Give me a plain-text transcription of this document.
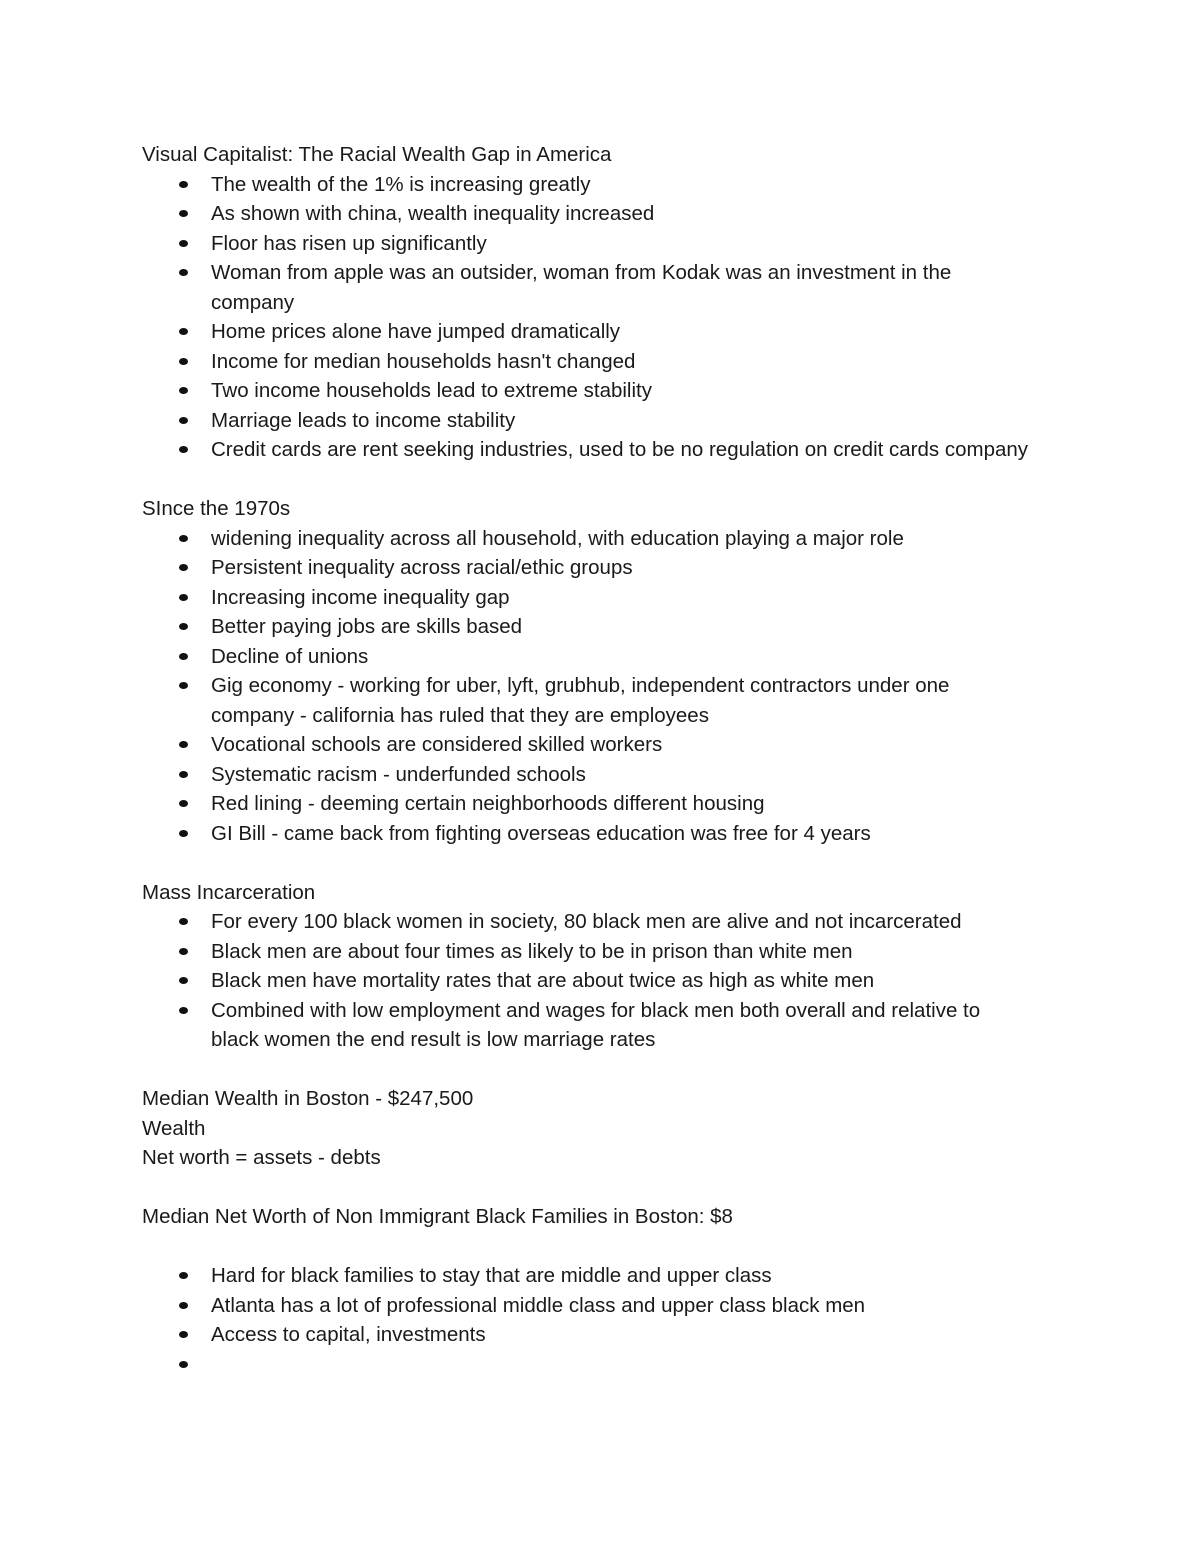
Visual Capitalist: The Racial Wealth Gap in America

The wealth of the 1% is increasing greatly
As shown with china, wealth inequality increased
Floor has risen up significantly
Woman from apple was an outsider, woman from Kodak was an investment in the company
Home prices alone have jumped dramatically
Income for median households hasn't changed
Two income households lead to extreme stability
Marriage leads to income stability
Credit cards are rent seeking industries, used to be no regulation on credit cards company

SInce the 1970s

widening inequality across all household, with education playing a major role
Persistent inequality across racial/ethic groups
Increasing income inequality gap
Better paying jobs are skills based
Decline of unions
Gig economy - working for uber, lyft, grubhub, independent contractors under one company - california has ruled that they are employees
Vocational schools are considered skilled workers
Systematic racism - underfunded schools
Red lining - deeming certain neighborhoods different housing
GI Bill - came back from fighting overseas education was free for 4 years

Mass Incarceration

For every 100 black women in society, 80 black men are alive and not incarcerated
Black men are about four times as likely to be in prison than white men
Black men have mortality rates that are about twice as high as white men
Combined with low employment and wages for black men both overall and relative to black women the end result is low marriage rates

Median Wealth in Boston - $247,500

Wealth

Net worth = assets - debts

Median Net Worth of Non Immigrant Black Families in Boston: $8

Hard for black families to stay that are middle and upper class
Atlanta has a lot of professional middle class and upper class black men
Access to capital, investments
